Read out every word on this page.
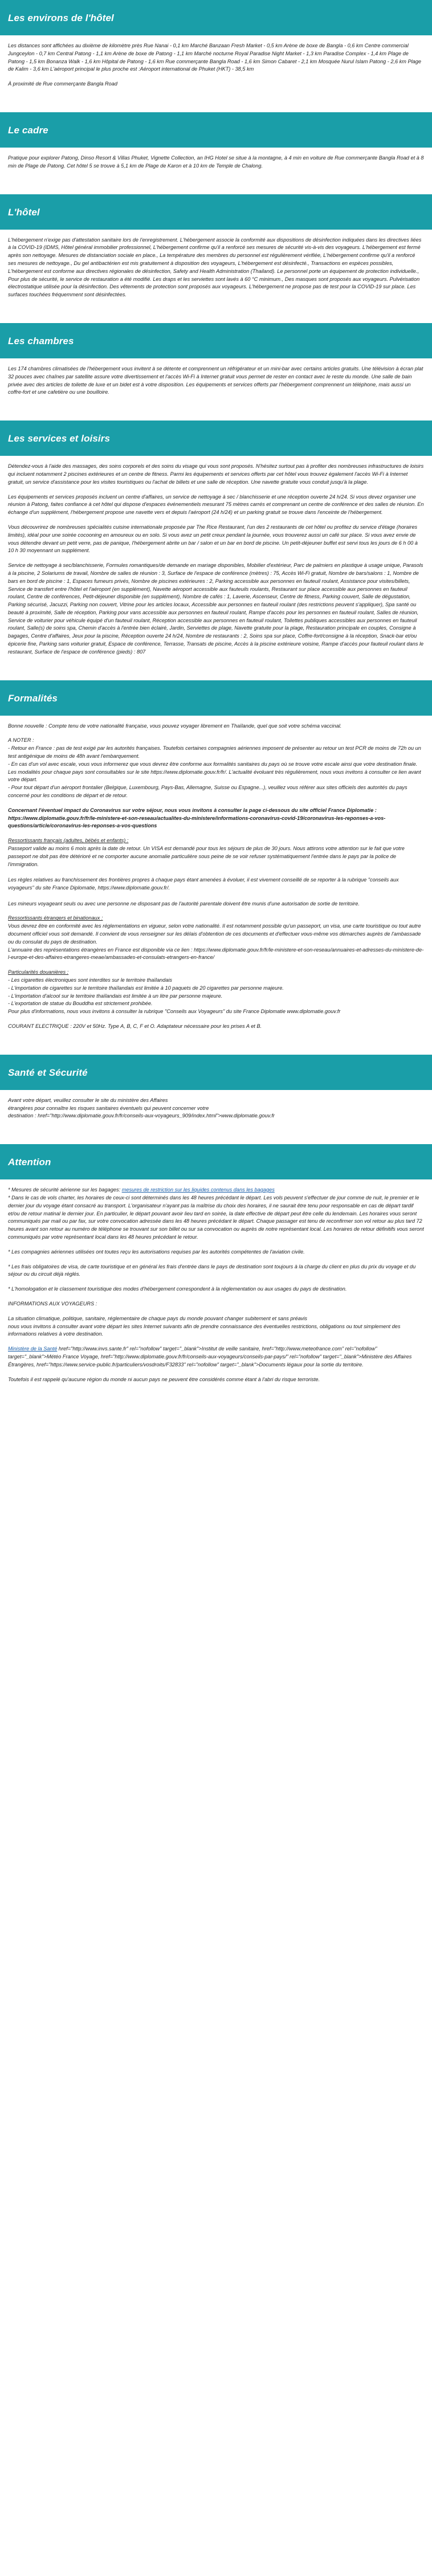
Les environs de l'hôtel

Les distances sont affichées au dixième de kilomètre près Rue Nanai - 0,1 km Marché Banzaan Fresh Market - 0,5 km Arène de boxe de Bangla - 0,6 km Centre commercial Jungceylon - 0,7 km Central Patong - 1,1 km Arène de boxe de Patong - 1,1 km Marché nocturne Royal Paradise Night Market - 1,3 km Paradise Complex - 1,4 km Plage de Patong - 1,5 km Bonanza Walk - 1,6 km Hôpital de Patong - 1,6 km Rue commerçante Bangla Road - 1,6 km Simon Cabaret - 2,1 km Mosquée Nurul Islam Patong - 2,6 km Plage de Kalim - 3,6 km L'aéroport principal le plus proche est :Aéroport international de Phuket (HKT) - 38,5 km

À proximité de Rue commerçante Bangla Road

Le cadre

Pratique pour explorer Patong, Dinso Resort & Villas Phuket, Vignette Collection, an IHG Hotel se situe à la montagne, à 4 min en voiture de Rue commerçante Bangla Road et à 8 min de Plage de Patong. Cet hôtel 5 se trouve à 5,1 km de Plage de Karon et à 10 km de Temple de Chalong.

L'hôtel

L'hébergement n'exige pas d'attestation sanitaire lors de l'enregistrement. L'hébergement associe la conformité aux dispositions de désinfection indiquées dans les directives liées à la COVID-19 (IDMS, Hôtel général immobilier professionnel, L'hébergement confirme qu'il a renforcé ses mesures de sécurité vis-à-vis des voyageurs. L'hébergement est fermé après son nettoyage. Mesures de distanciation sociale en place., La température des membres du personnel est régulièrement vérifiée, L'hébergement confirme qu'il a renforcé ses mesures de nettoyage., Du gel antibactérien est mis gratuitement à disposition des voyageurs, L'hébergement est désinfecté., Transactions en espèces possibles, L'hébergement est conforme aux directives régionales de désinfection, Safety and Health Administration (Thailand). Le personnel porte un équipement de protection individuelle., Pour plus de sécurité, le service de restauration a été modifié. Les draps et les serviettes sont lavés à 60 °C minimum., Des masques sont proposés aux voyageurs. Pulvérisation électrostatique utilisée pour la désinfection. Des vêtements de protection sont proposés aux voyageurs. L'hébergement ne propose pas de test pour la COVID-19 sur place. Les surfaces touchées fréquemment sont désinfectées.

Les chambres

Les 174 chambres climatisées de l'hébergement vous invitent à se détente et comprennent un réfrigérateur et un mini-bar avec certains articles gratuits. Une télévision à écran plat 32 pouces avec chaînes par satellite assure votre divertissement et l'accès Wi-Fi à Internet gratuit vous permet de rester en contact avec le reste du monde. Une salle de bain privée avec des articles de toilette de luxe et un bidet est à votre disposition. Les équipements et services offerts par l'hébergement comprennent un téléphone, mais aussi un coffre-fort et une cafetière ou une bouilloire.

Les services et loisirs

Détendez-vous à l'aide des massages, des soins corporels et des soins du visage qui vous sont proposés. N'hésitez surtout pas à profiter des nombreuses infrastructures de loisirs qui incluent notamment 2 piscines extérieures et un centre de fitness. Parmi les équipements et services offerts par cet hôtel vous trouvez également l'accès Wi-Fi à Internet gratuit, un service d'assistance pour les visites touristiques ou l'achat de billets et une salle de réception. Une navette gratuite vous conduit jusqu'à la plage.

Les équipements et services proposés incluent un centre d'affaires, un service de nettoyage à sec / blanchisserie et une réception ouverte 24 h/24. Si vous devez organiser une réunion à Patong, faites confiance à cet hôtel qui dispose d'espaces événementiels mesurant 75 mètres carrés et comprenant un centre de conférence et des salles de réunion. En échange d'un supplément, l'hébergement propose une navette vers et depuis l'aéroport (24 h/24) et un parking gratuit se trouve dans l'enceinte de l'hébergement.

Vous découvrirez de nombreuses spécialités cuisine internationale proposée par The Rice Restaurant, l'un des 2 restaurants de cet hôtel ou profitez du service d'étage (horaires limités), idéal pour une soirée cocooning en amoureux ou en solo. Si vous avez un petit creux pendant la journée, vous trouverez aussi un café sur place. Si vous avez envie de vous détendre devant un petit verre, pas de panique, l'hébergement abrite un bar / salon et un bar en bord de piscine. Un petit-déjeuner buffet est servi tous les jours de 6 h 00 à 10 h 30 moyennant un supplément.

Service de nettoyage à sec/blanchisserie, Formules romantiques/de demande en mariage disponibles, Mobilier d'extérieur, Parc de palmiers en plastique à usage unique, Parasols à la piscine, 2 Solariums de travail, Nombre de salles de réunion : 3, Surface de l'espace de conférence (mètres) : 75, Accès Wi-Fi gratuit, Nombre de bars/salons : 1, Nombre de bars en bord de piscine : 1, Espaces fumeurs privés, Nombre de piscines extérieures : 2, Parking accessible aux personnes en fauteuil roulant, Assistance pour visites/billets, Service de transfert entre l'hôtel et l'aéroport (en supplément), Navette aéroport accessible aux fauteuils roulants, Restaurant sur place accessible aux personnes en fauteuil roulant, Centre de conférences, Petit-déjeuner disponible (en supplément), Nombre de cafés : 1, Laverie, Ascenseur, Centre de fitness, Parking couvert, Salle de dégustation, Parking sécurisé, Jacuzzi, Parking non couvert, Vitrine pour les articles locaux, Accessible aux personnes en fauteuil roulant (des restrictions peuvent s'appliquer), Spa santé ou beauté à proximité, Salle de réception, Parking pour vans accessible aux personnes en fauteuil roulant, Rampe d'accès pour les personnes en fauteuil roulant, Salles de réunion, Service de voiturier pour véhicule équipé d'un fauteuil roulant, Réception accessible aux personnes en fauteuil roulant, Toilettes publiques accessibles aux personnes en fauteuil roulant, Salle(s) de soins spa, Chemin d'accès à l'entrée bien éclairé, Jardin, Serviettes de plage, Navette gratuite pour la plage, Restauration principale en couples, Consigne à bagages, Centre d'affaires, Jeux pour la piscine, Réception ouverte 24 h/24, Nombre de restaurants : 2, Soins spa sur place, Coffre-fort/consigne à la réception, Snack-bar et/ou épicerie fine, Parking sans voiturier gratuit, Espace de conférence, Terrasse, Transats de piscine, Accès à la piscine extérieure voisine, Rampe d'accès pour fauteuil roulant dans le restaurant, Surface de l'espace de conférence (pieds) : 807

Formalités

Bonne nouvelle : Compte tenu de votre nationalité française, vous pouvez voyager librement en Thaïlande, quel que soit votre schéma vaccinal.

A NOTER :
- Retour en France : pas de test exigé par les autorités françaises. Toutefois certaines compagnies aériennes imposent de présenter au retour un test PCR de moins de 72h ou un test antigénique de moins de 48h avant l'embarquement.
- En cas d'un vol avec escale, vous vous informerez que vous devrez être conforme aux formalités sanitaires du pays où se trouve votre escale ainsi que votre destination finale.
Les modalités pour chaque pays sont consultables sur le site https://www.diplomatie.gouv.fr/fr/. L'actualité évoluant très régulièrement, nous vous invitons à consulter ce lien avant votre départ.
- Pour tout départ d'un aéroport frontalier (Belgique, Luxembourg, Pays-Bas, Allemagne, Suisse ou Espagne...), veuillez vous référer aux sites officiels des autorités du pays concerné pour les conditions de départ et de retour.

Concernant l'éventuel impact du Coronavirus sur votre séjour, nous vous invitons à consulter la page ci-dessous du site officiel France Diplomatie : https://www.diplomatie.gouv.fr/fr/le-ministere-et-son-reseau/actualites-du-ministere/informations-coronavirus-covid-19/coronavirus-les-reponses-a-vos-questions/article/coronavirus-les-reponses-a-vos-questions

Ressortissants français (adultes, bébés et enfants) :
Passeport valide au moins 6 mois après la date de retour. Un VISA est demandé pour tous les séjours de plus de 30 jours. Nous attirons votre attention sur le fait que votre passeport ne doit pas être détérioré et ne comporter aucune anomalie particulière sous peine de se voir refuser systématiquement l'entrée dans le pays par la police de l'immigration.

Les règles relatives au franchissement des frontières propres à chaque pays étant amenées à évoluer, il est vivement conseillé de se reporter à la rubrique "conseils aux voyageurs" du site France Diplomatie, https://www.diplomatie.gouv.fr/.

Les mineurs voyageant seuls ou avec une personne ne disposant pas de l'autorité parentale doivent être munis d'une autorisation de sortie de territoire.

Ressortissants étrangers et binationaux :
Vous devrez être en conformité avec les réglementations en vigueur, selon votre nationalité. Il est notamment possible qu'un passeport, un visa, une carte touristique ou tout autre document officiel vous soit demandé. Il convient de vous renseigner sur les délais d'obtention de ces documents et d'effectuer vous-même vos démarches auprès de l'ambassade ou du consulat du pays de destination.
L'annuaire des représentations étrangères en France est disponible via ce lien : https://www.diplomatie.gouv.fr/fr/le-ministere-et-son-reseau/annuaires-et-adresses-du-ministere-de-l-europe-et-des-affaires-etrangeres-meae/ambassades-et-consulats-etrangers-en-france/

Particularités douanières :
- Les cigarettes électroniques sont interdites sur le territoire thaïlandais
- L'importation de cigarettes sur le territoire thaïlandais est limitée à 10 paquets de 20 cigarettes par personne majeure.
- L'importation d'alcool sur le territoire thaïlandais est limitée à un litre par personne majeure.
- L'exportation de statue du Bouddha est strictement prohibée.
Pour plus d'informations, nous vous invitons à consulter la rubrique "Conseils aux Voyageurs" du site France Diplomatie www.diplomatie.gouv.fr

COURANT ELECTRIQUE : 220V et 50Hz. Type A, B, C, F et O. Adaptateur nécessaire pour les prises A et B.

Santé et Sécurité

Avant votre départ, veuillez consulter le site du ministère des Affaires
étrangères pour connaître les risques sanitaires éventuels qui peuvent concerner votre
destination : href="http://www.diplomatie.gouv.fr/fr/conseils-aux-voyageurs_909/index.html">www.diplomatie.gouv.fr

Attention

* Mesures de sécurité aérienne sur les bagages: mesures de restriction sur les liquides contenus dans les bagages
* Dans le cas de vols charter, les horaires de ceux-ci sont déterminés dans les 48 heures précédant le départ. Les vols peuvent s'effectuer de jour comme de nuit, le premier et le dernier jour du voyage étant consacré au transport. L'organisateur n'ayant pas la maîtrise du choix des horaires, il ne saurait être tenu pour responsable en cas de départ tardif et/ou de retour matinal le dernier jour. En particulier, le départ pouvant avoir lieu tard en soirée, la date effective de départ peut être celle du lendemain. Les horaires vous seront communiqués par mail ou par fax, sur votre convocation adressée dans les 48 heures précédant le départ. Chaque passager est tenu de reconfirmer son vol retour au plus tard 72 heures avant son retour au numéro de téléphone se trouvant sur son billet ou sur sa convocation ou auprès de notre représentant local. Les horaires de retour définitifs vous seront communiqués par votre représentant local dans les 48 heures précédant le retour.

* Les compagnies aériennes utilisées ont toutes reçu les autorisations requises par les autorités compétentes de l'aviation civile.

* Les frais obligatoires de visa, de carte touristique et en général les frais d'entrée dans le pays de destination sont toujours à la charge du client en plus du prix du voyage et du séjour ou du circuit déjà réglés.

* L'homologation et le classement touristique des modes d'hébergement correspondent à la réglementation ou aux usages du pays de destination.

INFORMATIONS AUX VOYAGEURS :

La situation climatique, politique, sanitaire, réglementaire de chaque pays du monde pouvant changer subitement et sans préavis
nous vous invitons à consulter avant votre départ les sites Internet suivants afin de prendre connaissance des éventuelles restrictions, obligations ou tout simplement des informations relatives à votre destination.

Ministère de la Santé href="http://www.invs.sante.fr" rel="nofollow" target="_blank">Institut de veille sanitaire, href="http://www.meteofrance.com" rel="nofollow" target="_blank">Météo France Voyage, href="http://www.diplomatie.gouv.fr/fr/conseils-aux-voyageurs/conseils-par-pays/" rel="nofollow" target="_blank">Ministère des Affaires Étrangères, href="https://www.service-public.fr/particuliers/vosdroits/F32833" rel="nofollow" target="_blank">Documents légaux pour la sortie du territoire.

Toutefois il est rappelé qu'aucune région du monde ni aucun pays ne peuvent être considérés comme étant à l'abri du risque terroriste.
